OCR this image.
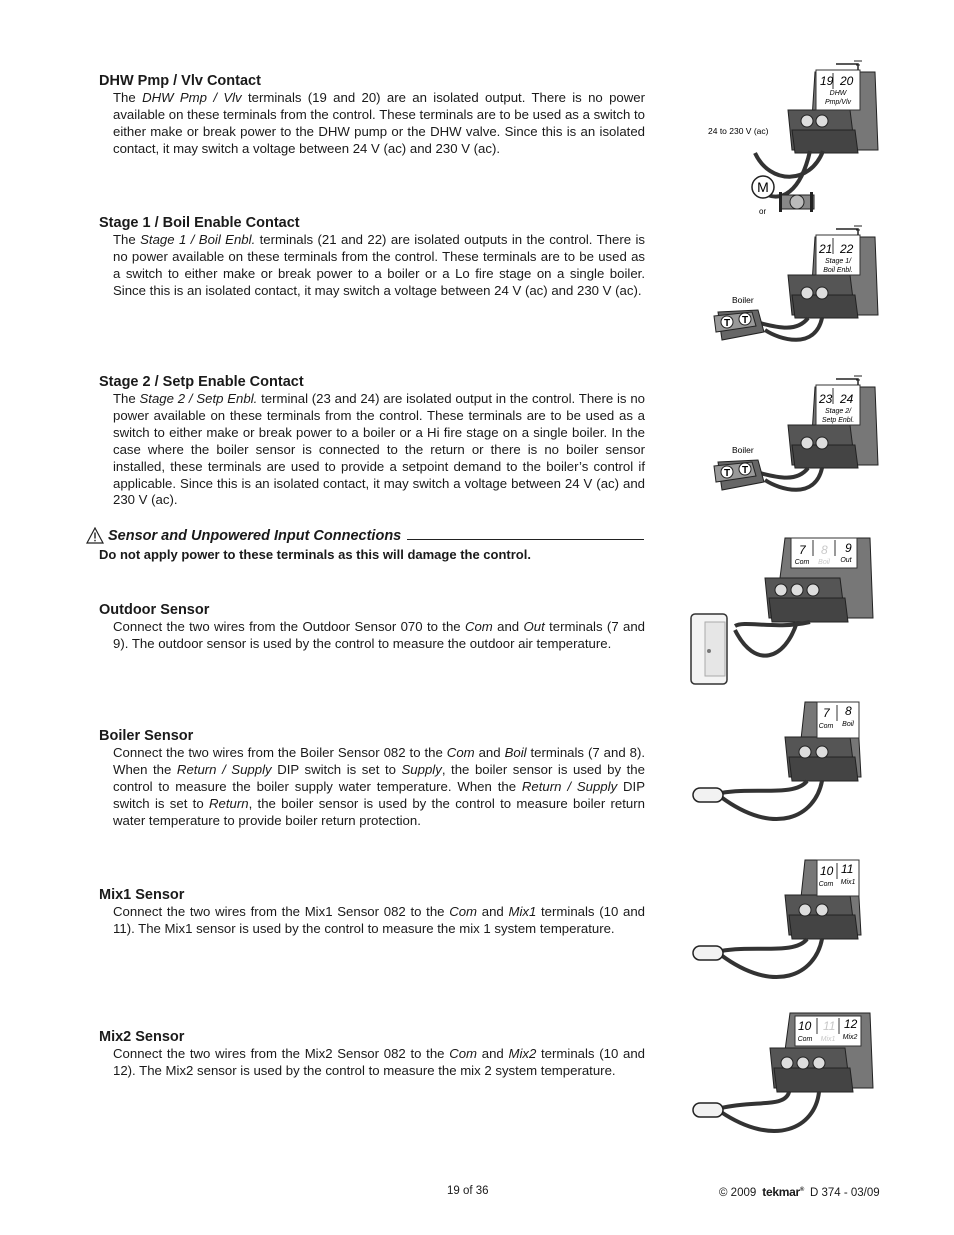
DHW Pmp / Vlv Contact

The DHW Pmp / Vlv terminals (19 and 20) are an isolated output. There is no power available on these terminals from the control. These terminals are to be used as a switch to either make or break power to the DHW pump or the DHW valve. Since this is an isolated contact, it may switch a voltage between 24 V (ac) and 230 V (ac).

Stage 1 / Boil Enable Contact

The Stage 1 / Boil Enbl. terminals (21 and 22) are isolated outputs in the control. There is no power available on these terminals from the control. These terminals are to be used as a switch to either make or break power to a boiler or a Lo fire stage on a single boiler. Since this is an isolated contact, it may switch a voltage between 24 V (ac) and 230 V (ac).

Stage 2 / Setp Enable Contact

The Stage 2 / Setp Enbl. terminal (23 and 24) are isolated output in the control. There is no power available on these terminals from the control. These terminals are to be used as a switch to either make or break power to a boiler or a Hi fire stage on a single boiler. In the case where the boiler sensor is connected to the return or there is no boiler sensor installed, these terminals are used to provide a setpoint demand to the boiler’s control if applicable. Since this is an isolated contact, it may switch a voltage between 24 V (ac) and 230 V (ac).

Sensor and Unpowered Input Connections
Do not apply power to these terminals as this will damage the control.
Outdoor Sensor

Connect the two wires from the Outdoor Sensor 070 to the Com and Out terminals (7 and 9). The outdoor sensor is used by the control to measure the outdoor air temperature.

Boiler Sensor

Connect the two wires from the Boiler Sensor 082 to the Com and Boil terminals (7 and 8). When the Return / Supply DIP switch is set to Supply, the boiler sensor is used by the control to measure the boiler supply water temperature. When the Return / Supply DIP switch is set to Return, the boiler sensor is used by the control to measure boiler return water temperature to provide boiler return protection.

Mix1 Sensor

Connect the two wires from the Mix1 Sensor 082 to the Com and Mix1 terminals (10 and 11). The Mix1 sensor is used by the control to measure the mix 1 system temperature.

Mix2 Sensor

Connect the two wires from the Mix2 Sensor 082 to the Com and Mix2 terminals (10 and 12). The Mix2 sensor is used by the control to measure the mix 2 system temperature.

19 20
DHW
Pmp/Vlv
24 to 230 V (ac)
M
or
21 22
Stage 1/
Boil Enbl.
Boiler
T T
23 24
Stage 2/
Setp Enbl.
Boiler
T T
7 8 9
Com Boil Out
7 8
Com Boil
10 11
Com Mix1
10 11 12
Com Mix1 Mix2
19 of 36	© 2009 tekmar® D 374 - 03/09
